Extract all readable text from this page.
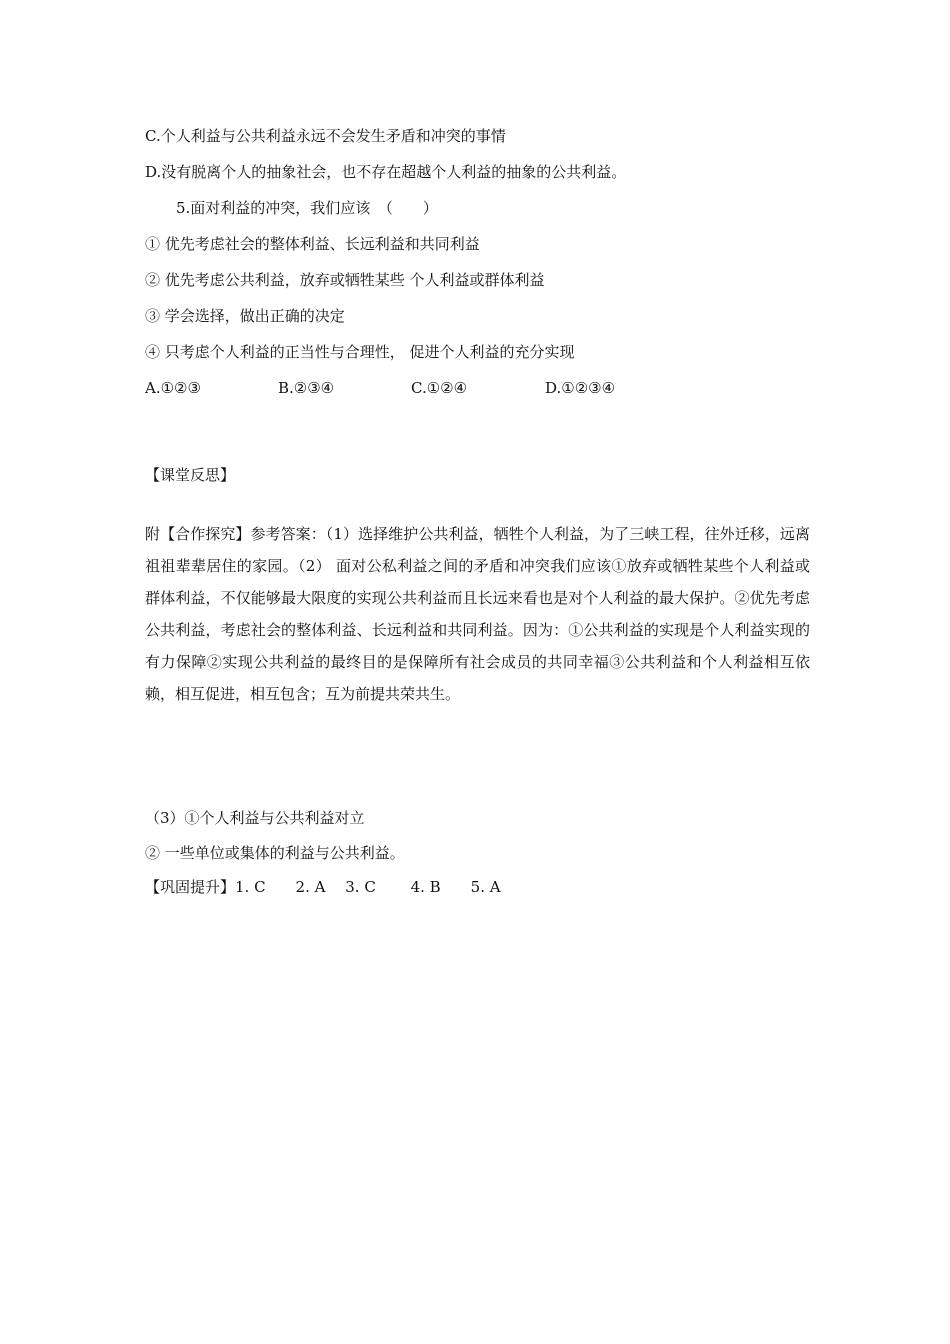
C.个人利益与公共利益永远不会发生矛盾和冲突的事情
D.没有脱离个人的抽象社会，也不存在超越个人利益的抽象的公共利益。
5.面对利益的冲突，我们应该　（　　）
① 优先考虑社会的整体利益、长远利益和共同利益
② 优先考虑公共利益，放弃或牺牲某些 个人利益或群体利益
③ 学会选择，做出正确的决定
④ 只考虑个人利益的正当性与合理性， 促进个人利益的充分实现
A.①②③	B.②③④	C.①②④	D.①②③④
【课堂反思】
附【合作探究】参考答案：（1）选择维护公共利益，牺牲个人利益，为了三峡工程，往外迁移，远离祖祖辈辈居住的家园。（2） 面对公私利益之间的矛盾和冲突我们应该①放弃或牺牲某些个人利益或群体利益，不仅能够最大限度的实现公共利益而且长远来看也是对个人利益的最大保护。②优先考虑公共利益，考虑社会的整体利益、长远利益和共同利益。因为：①公共利益的实现是个人利益实现的有力保障②实现公共利益的最终目的是保障所有社会成员的共同幸福③公共利益和个人利益相互依赖，相互促进，相互包含；互为前提共荣共生。
（3）①个人利益与公共利益对立
② 一些单位或集体的利益与公共利益。
【巩固提升】1. C　　2. A　 3. C　　 4. B　　5. A
